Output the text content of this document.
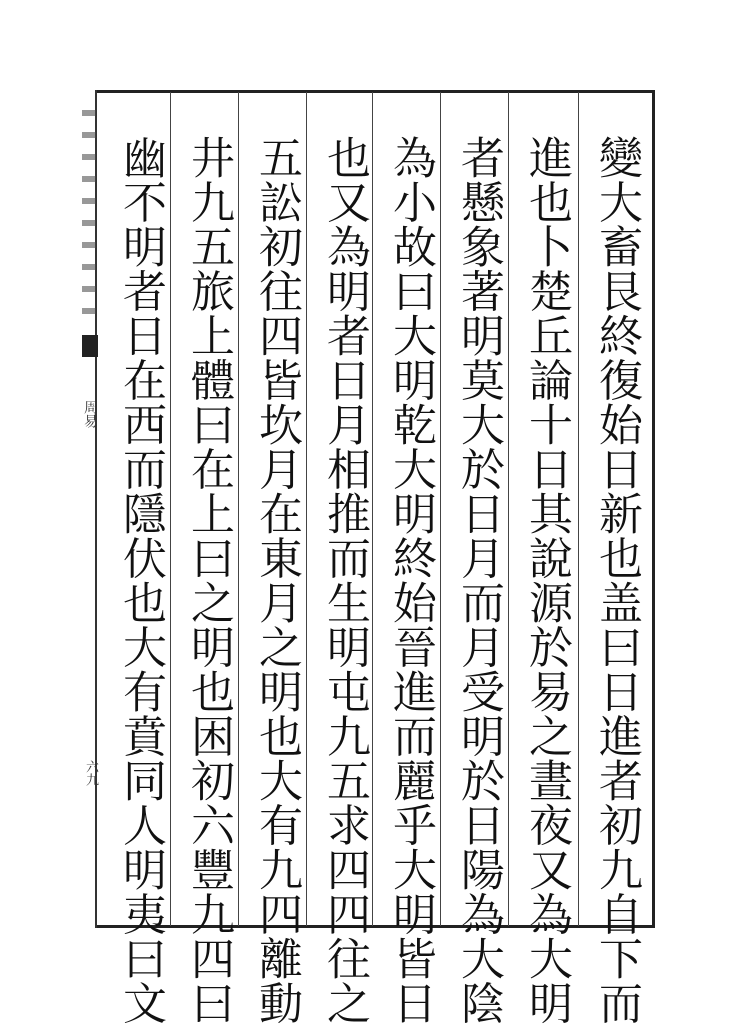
變大畜艮終復始日新也盖曰日進者初九自下而
進也卜楚丘論十日其說源於易之晝夜又為大明
者懸象著明莫大於日月而月受明於日陽為大陰
為小故曰大明乾大明終始晉進而麗乎大明皆日
也又為明者日月相推而生明屯九五求四四往之
五訟初往四皆坎月在東月之明也大有九四離動
井九五旅上體曰在上曰之明也困初六豐九四曰
幽不明者日在西而隱伏也大有賁同人明夷曰文
周易
六九
